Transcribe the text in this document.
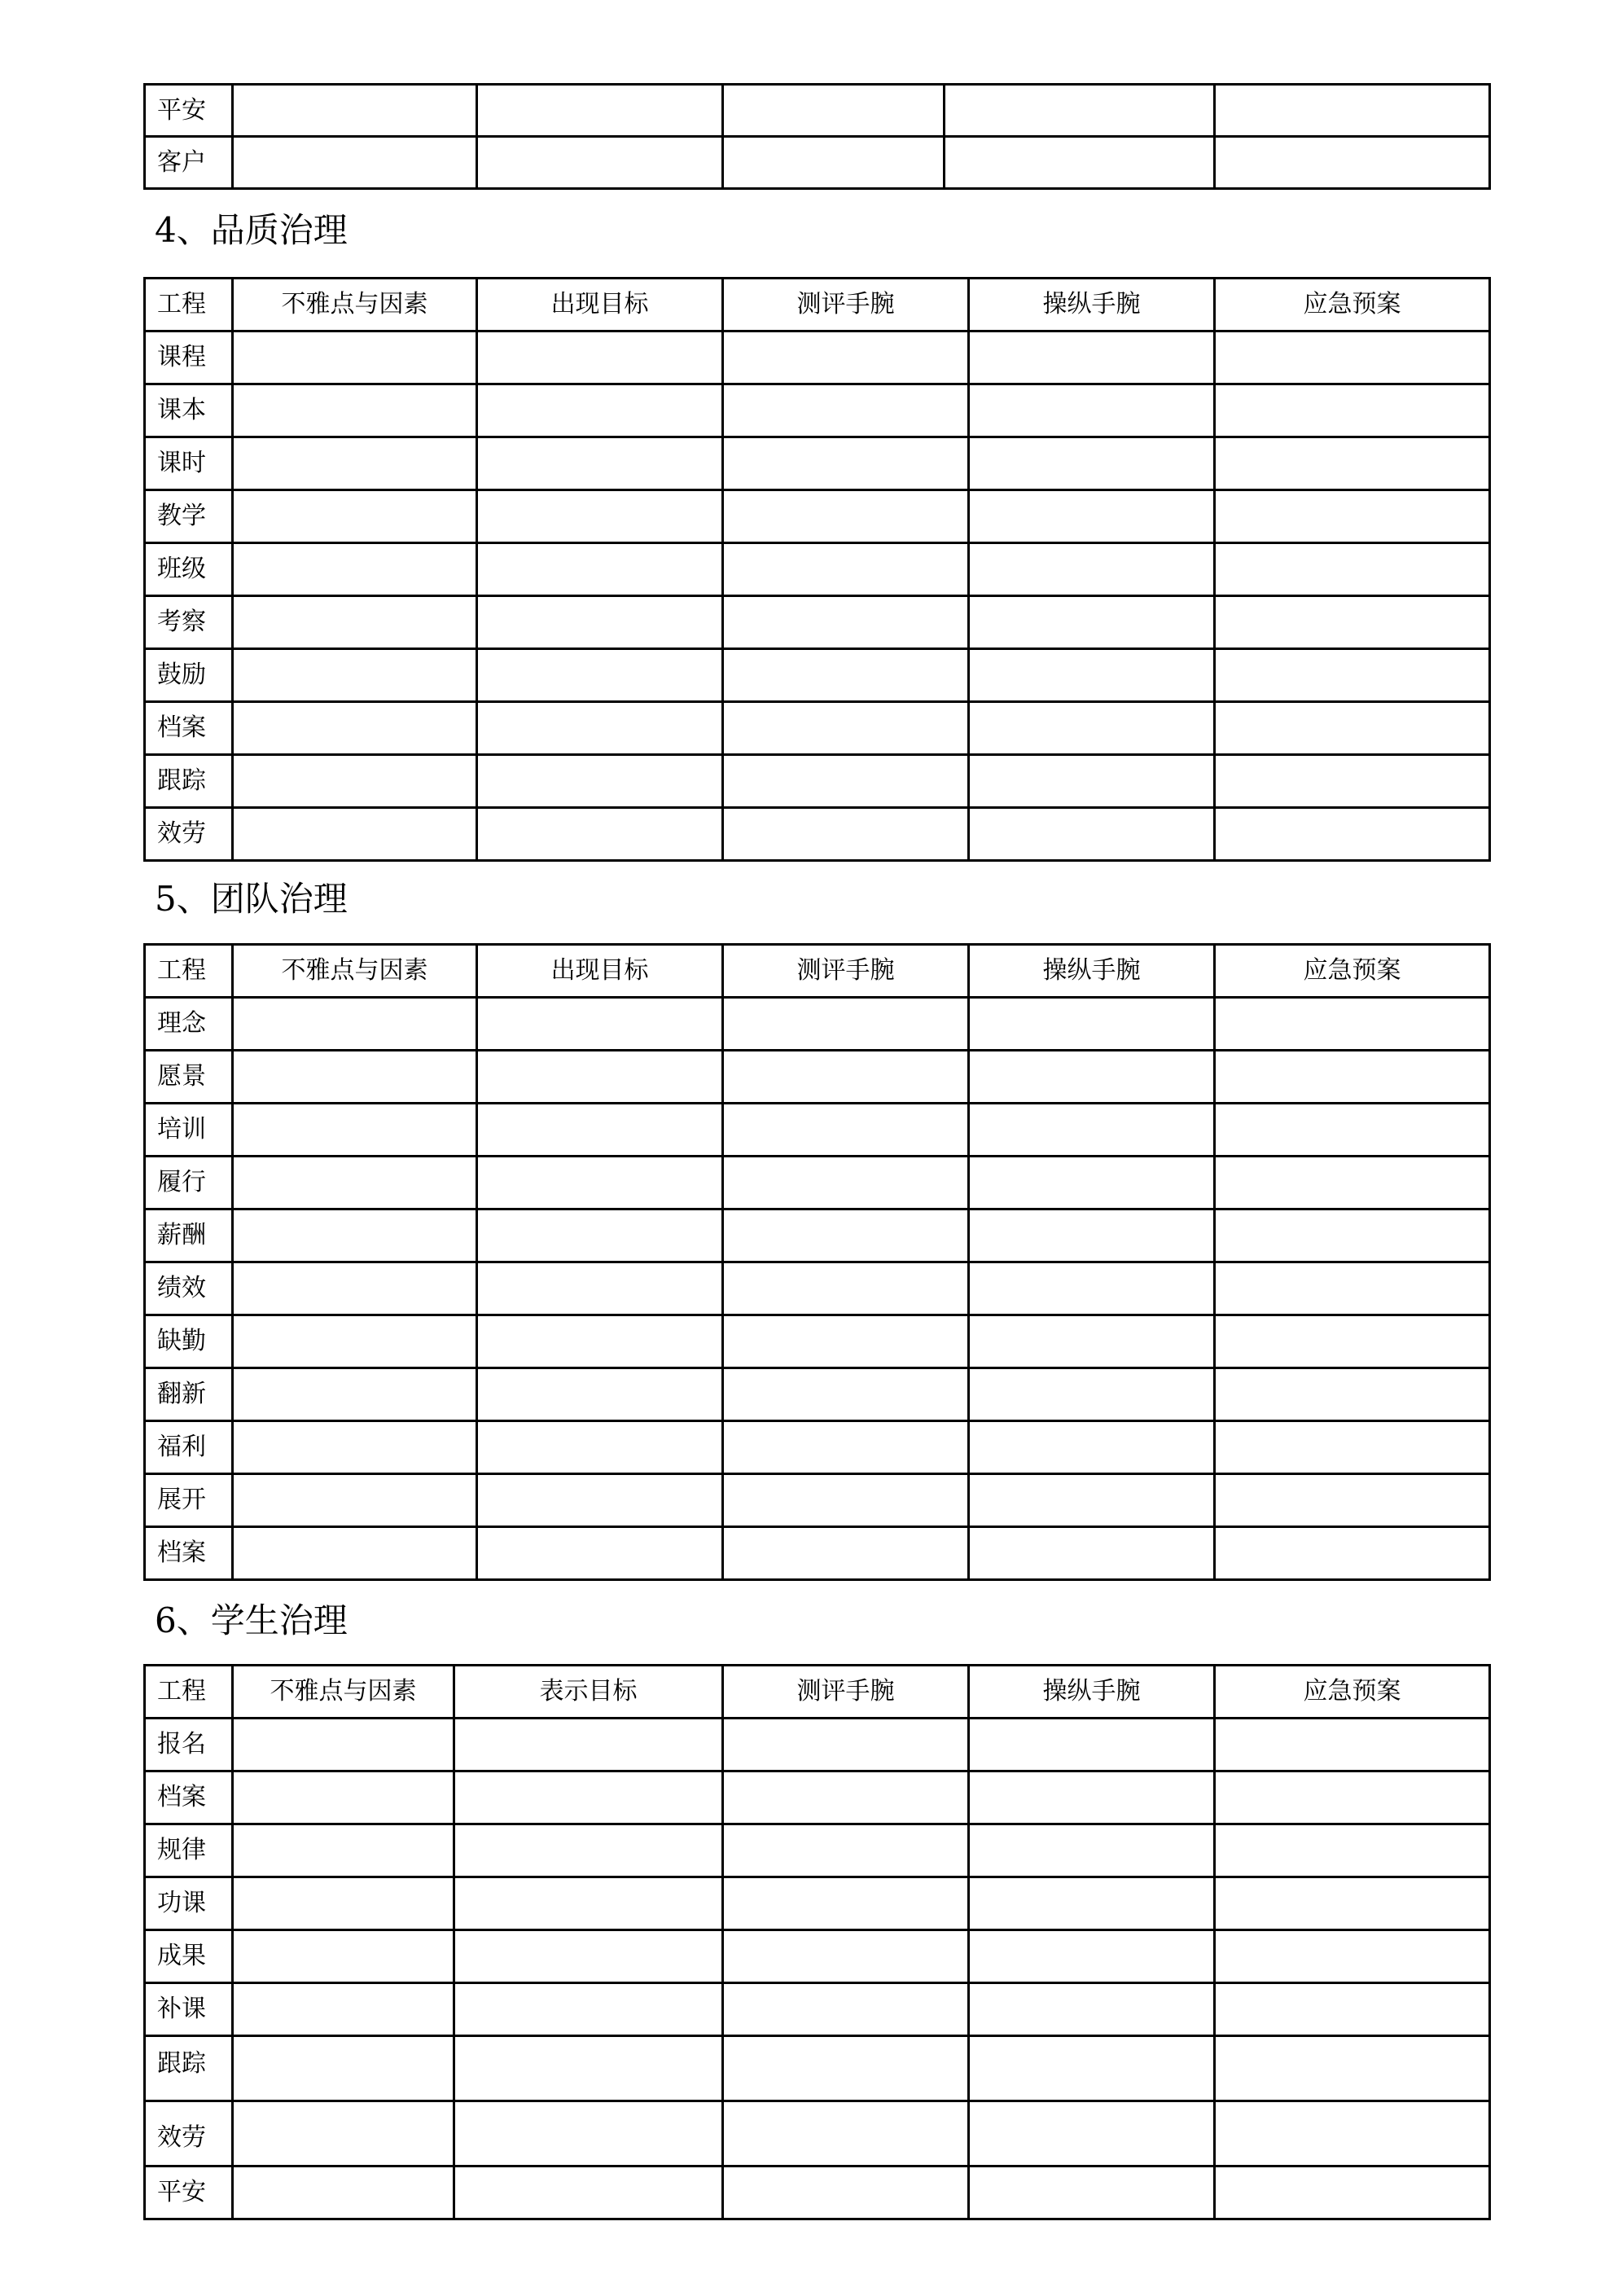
平安					
客户					
4、品质治理
工程	不雅点与因素	出现目标	测评手腕	操纵手腕	应急预案
课程					
课本					
课时					
教学					
班级					
考察					
鼓励					
档案					
跟踪					
效劳					
5、团队治理
工程	不雅点与因素	出现目标	测评手腕	操纵手腕	应急预案
理念					
愿景					
培训					
履行					
薪酬					
绩效					
缺勤					
翻新					
福利					
展开					
档案					
6、学生治理
工程	不雅点与因素	表示目标	测评手腕	操纵手腕	应急预案
报名					
档案					
规律					
功课					
成果					
补课					
跟踪					
效劳					
平安					
